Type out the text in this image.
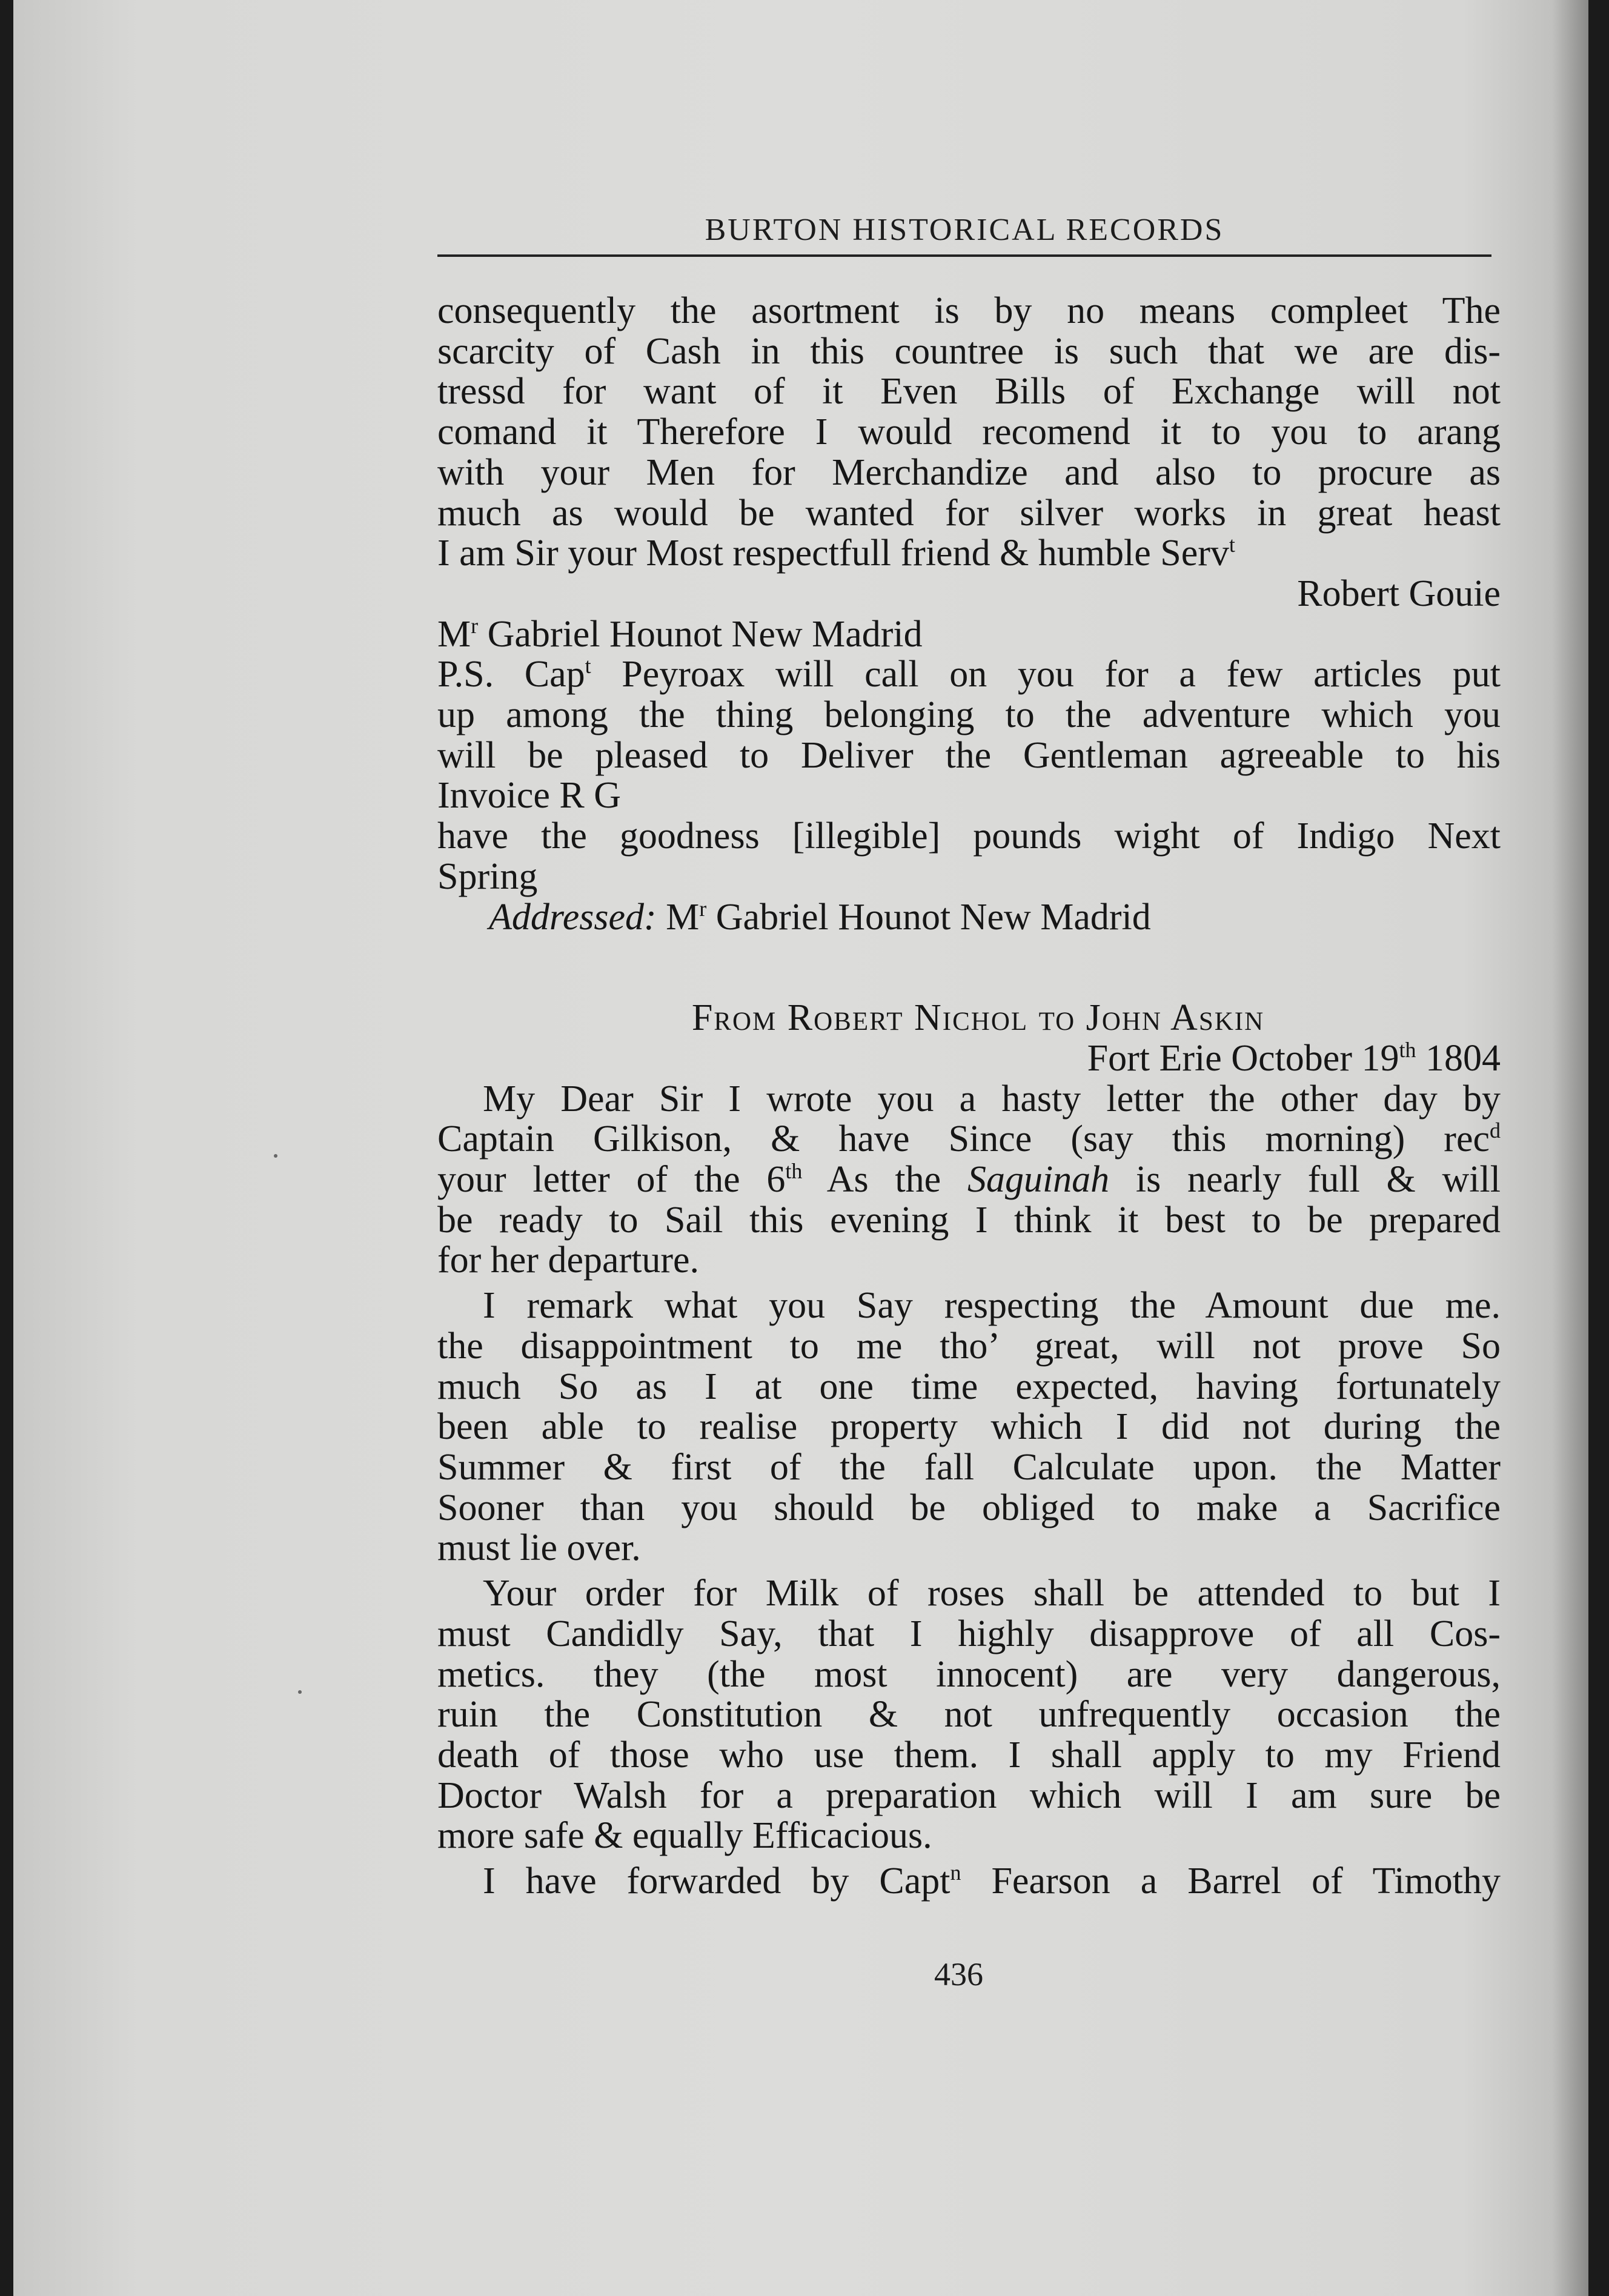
BURTON HISTORICAL RECORDS
consequently the asortment is by no means compleet The
scarcity of Cash in this countree is such that we are dis-
tressd for want of it Even Bills of Exchange will not
comand it Therefore I would recomend it to you to arang
with your Men for Merchandize and also to procure as
much as would be wanted for silver works in great heast
I am Sir your Most respectfull friend & humble Serv$^t$
Robert Gouie
$M^r$ Gabriel Hounot New Madrid
P.S. Cap$^t$ Peyroax will call on you for a few articles put
up among the thing belonging to the adventure which you
will be pleased to Deliver the Gentleman agreeable to his
Invoice R G
have the goodness [illegible] pounds wight of Indigo Next
Spring
Addressed: $M^r$ Gabriel Hounot New Madrid
From Robert Nichol to John Askin
Fort Erie October 19th 1804
My Dear Sir I wrote you a hasty letter the other day by
Captain Gilkison, & have Since (say this morning) rec$^d$
your letter of the 6th As the Saguinah is nearly full & will
be ready to Sail this evening I think it best to be prepared
for her departure.
I remark what you Say respecting the Amount due me.
the disappointment to me tho’ great, will not prove So
much So as I at one time expected, having fortunately
been able to realise property which I did not during the
Summer & first of the fall Calculate upon. the Matter
Sooner than you should be obliged to make a Sacrifice
must lie over.
Your order for Milk of roses shall be attended to but I
must Candidly Say, that I highly disapprove of all Cos-
metics. they (the most innocent) are very dangerous,
ruin the Constitution & not unfrequently occasion the
death of those who use them. I shall apply to my Friend
Doctor Walsh for a preparation which will I am sure be
more safe & equally Efficacious.
I have forwarded by Capt$^n$ Fearson a Barrel of Timothy
436
